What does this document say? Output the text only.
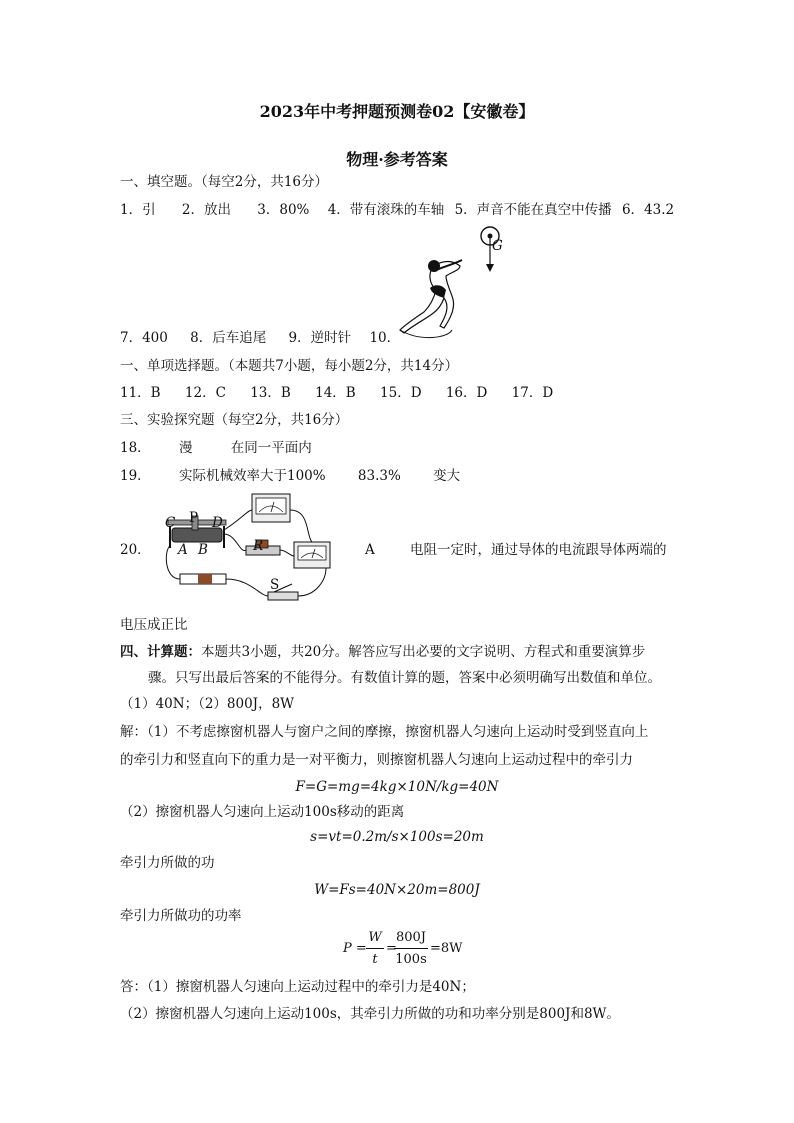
2023年中考押题预测卷02【安徽卷】
物理·参考答案
一、填空题。（每空2分，共16分）
1．引 2．放出 3．80% 4．带有滚珠的车轴 5．声音不能在真空中传播 6．43.2
G
7．400 8．后车追尾 9．逆时针 10．
一、单项选择题。（本题共7小题，每小题2分，共14分）
11．B 12．C 13．B 14．B 15．D 16．D 17．D
三、实验探究题（每空2分，共16分）
18． 漫	在同一平面内
19． 实际机械效率大于100% 83.3% 变大
C P D
A B	R
S
20．	A	电阻一定时，通过导体的电流跟导体两端的
电压成正比
四、计算题：本题共3小题，共20分。解答应写出必要的文字说明、方程式和重要演算步
骤。只写出最后答案的不能得分。有数值计算的题，答案中必须明确写出数值和单位。
（1）40N；（2）800J，8W
解：（1）不考虑擦窗机器人与窗户之间的摩擦，擦窗机器人匀速向上运动时受到竖直向上
的牵引力和竖直向下的重力是一对平衡力，则擦窗机器人匀速向上运动过程中的牵引力
F=G=mg=4kg×10N/kg=40N
（2）擦窗机器人匀速向上运动100s移动的距离
s=vt=0.2m/s×100s=20m
牵引力所做的功
W=Fs=40N×20m=800J
牵引力所做功的功率
P =
W
t
=
800J
100s
=8W
答：（1）擦窗机器人匀速向上运动过程中的牵引力是40N；
（2）擦窗机器人匀速向上运动100s，其牵引力所做的功和功率分别是800J和8W。
